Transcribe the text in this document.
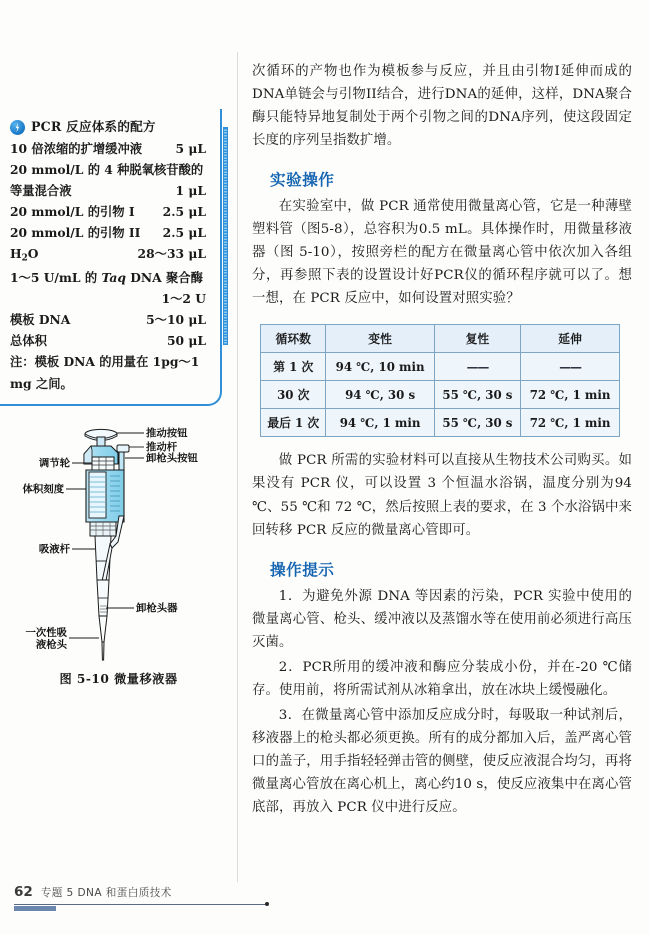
PCR 反应体系的配方
10 倍浓缩的扩增缓冲液	5 μL
20 mmol/L 的 4 种脱氧核苷酸的
等量混合液	1 μL
20 mmol/L 的引物 I	2.5 μL
20 mmol/L 的引物 II	2.5 μL
$H_2O$	28～33 μL
1～5 U/mL 的 Taq DNA 聚合酶
1～2 U
模板 DNA	5～10 μL
总体积	50 μL
注：模板 DNA 的用量在 1pg～1 mg 之间。
推动按钮
推动杆
卸枪头按钮
调节轮
体积刻度
吸液杆
卸枪头器
一次性吸
液枪头
图 5-10 微量移液器

次循环的产物也作为模板参与反应，并且由引物I延伸而成的DNA单链会与引物II结合，进行DNA的延伸，这样，DNA聚合酶只能特异地复制处于两个引物之间的DNA序列，使这段固定长度的序列呈指数扩增。

实验操作

在实验室中，做 PCR 通常使用微量离心管，它是一种薄壁塑料管（图5-8），总容积为0.5 mL。具体操作时，用微量移液器（图 5-10），按照旁栏的配方在微量离心管中依次加入各组分，再参照下表的设置设计好PCR仪的循环程序就可以了。想一想，在 PCR 反应中，如何设置对照实验？

循环数	变性	复性	延伸
第 1 次	94 ℃, 10 min	——	——
30 次	94 ℃, 30 s	55 ℃, 30 s	72 ℃, 1 min
最后 1 次	94 ℃, 1 min	55 ℃, 30 s	72 ℃, 1 min

做 PCR 所需的实验材料可以直接从生物技术公司购买。如果没有 PCR 仪，可以设置 3 个恒温水浴锅，温度分别为94 ℃、55 ℃和 72 ℃，然后按照上表的要求，在 3 个水浴锅中来回转移 PCR 反应的微量离心管即可。

操作提示

1．为避免外源 DNA 等因素的污染，PCR 实验中使用的微量离心管、枪头、缓冲液以及蒸馏水等在使用前必须进行高压灭菌。

2．PCR所用的缓冲液和酶应分装成小份，并在-20 ℃储存。使用前，将所需试剂从冰箱拿出，放在冰块上缓慢融化。

3．在微量离心管中添加反应成分时，每吸取一种试剂后，移液器上的枪头都必须更换。所有的成分都加入后，盖严离心管口的盖子，用手指轻轻弹击管的侧壁，使反应液混合均匀，再将微量离心管放在离心机上，离心约10 s，使反应液集中在离心管底部，再放入 PCR 仪中进行反应。

62 专题 5 DNA 和蛋白质技术
